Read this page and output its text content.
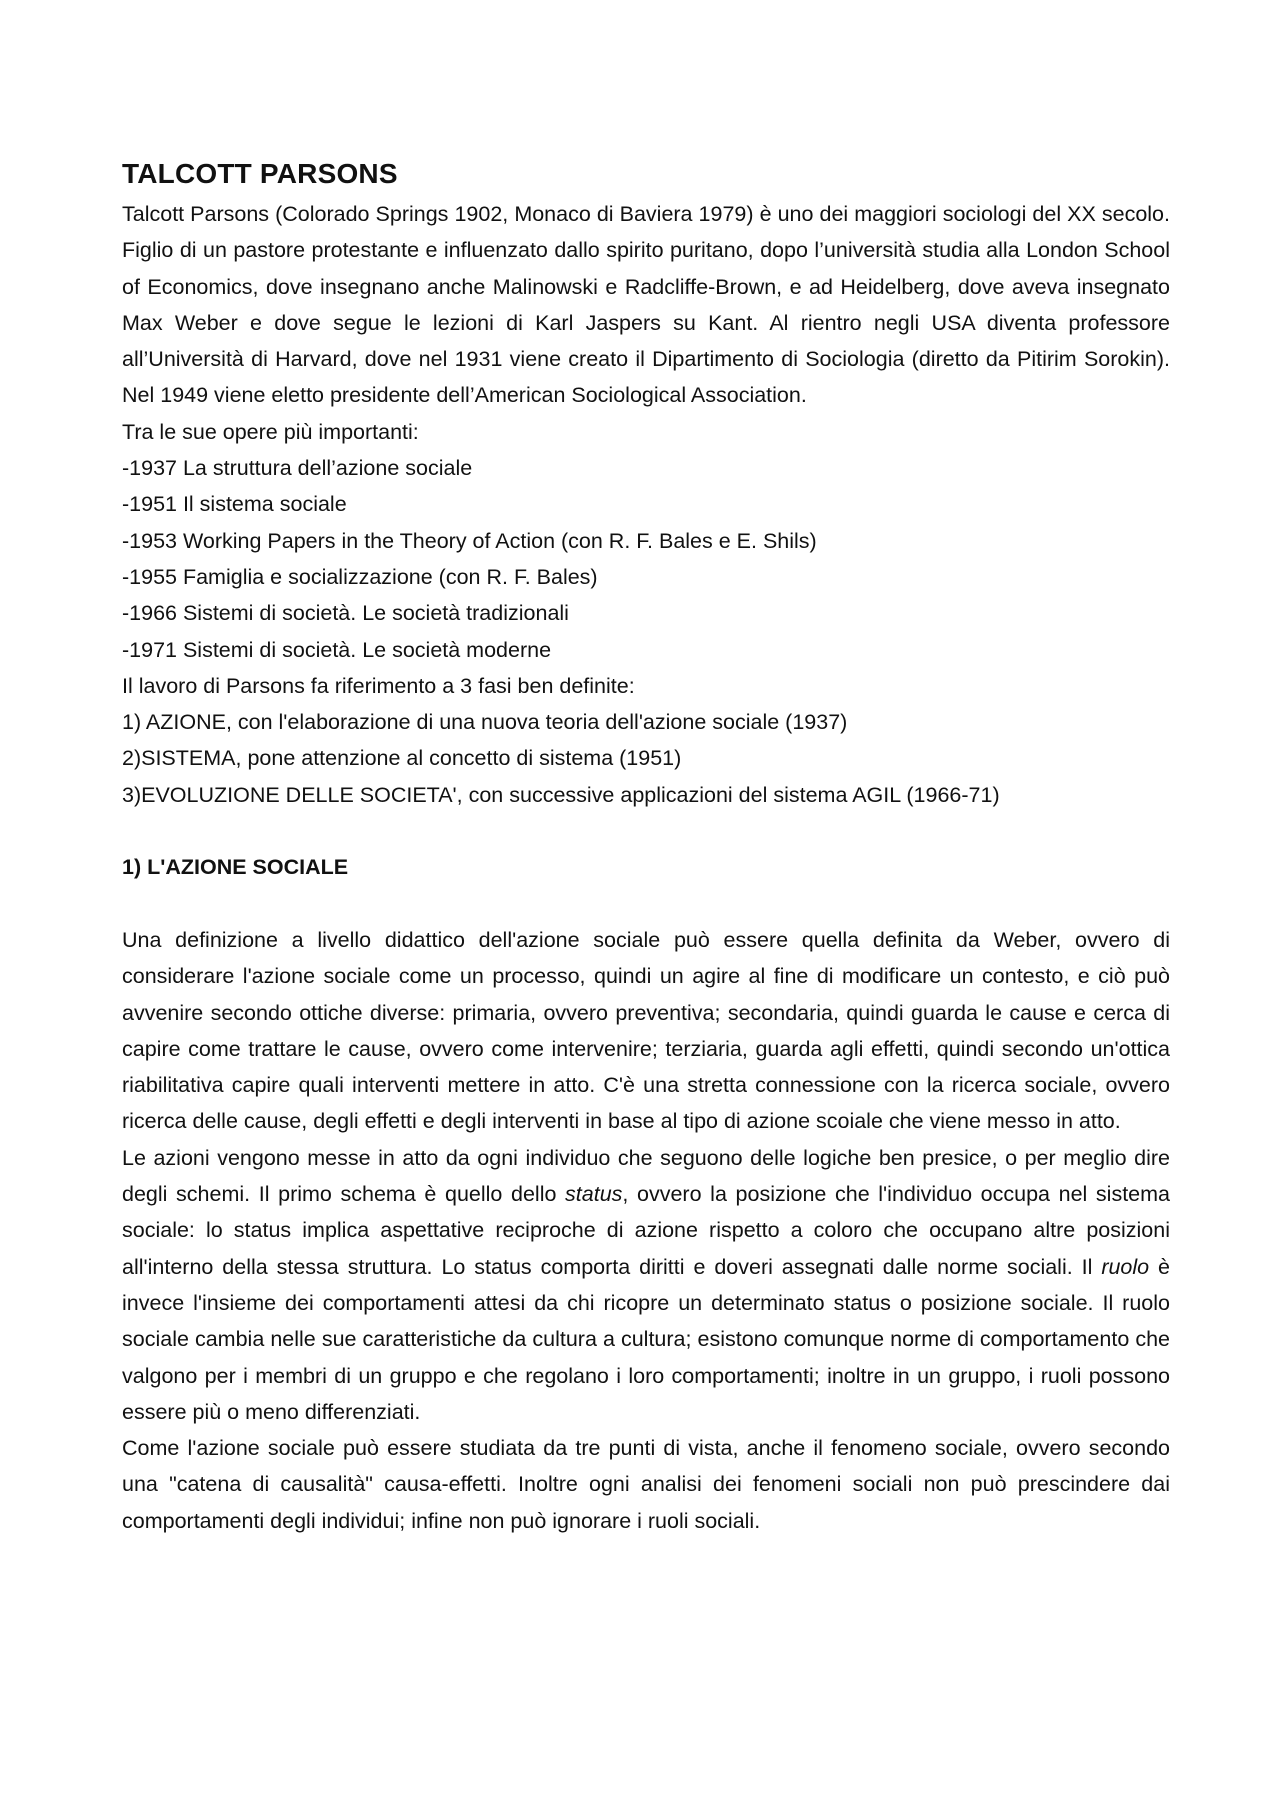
TALCOTT PARSONS

Talcott Parsons (Colorado Springs 1902, Monaco di Baviera 1979) è uno dei maggiori sociologi del XX secolo. Figlio di un pastore protestante e influenzato dallo spirito puritano, dopo l’università studia alla London School of Economics, dove insegnano anche Malinowski e Radcliffe-Brown, e ad Heidelberg, dove aveva insegnato Max Weber e dove segue le lezioni di Karl Jaspers su Kant. Al rientro negli USA diventa professore all’Università di Harvard, dove nel 1931 viene creato il Dipartimento di Sociologia (diretto da Pitirim Sorokin). Nel 1949 viene eletto presidente dell’American Sociological Association.

Tra le sue opere più importanti:

-1937 La struttura dell’azione sociale

-1951 Il sistema sociale

-1953 Working Papers in the Theory of Action (con R. F. Bales e E. Shils)

-1955 Famiglia e socializzazione (con R. F. Bales)

-1966 Sistemi di società. Le società tradizionali

-1971 Sistemi di società. Le società moderne

Il lavoro di Parsons fa riferimento a 3 fasi ben definite:

1) AZIONE, con l'elaborazione di una nuova teoria dell'azione sociale (1937)

2)SISTEMA, pone attenzione al concetto di sistema (1951)

3)EVOLUZIONE DELLE SOCIETA', con successive applicazioni del sistema AGIL (1966-71)

1) L'AZIONE SOCIALE

Una definizione a livello didattico dell'azione sociale può essere quella definita da Weber, ovvero di considerare l'azione sociale come un processo, quindi un agire al fine di modificare un contesto, e ciò può avvenire secondo ottiche diverse: primaria, ovvero preventiva; secondaria, quindi guarda le cause e cerca di capire come trattare le cause, ovvero come intervenire; terziaria, guarda agli effetti, quindi secondo un'ottica riabilitativa capire quali interventi mettere in atto. C'è una stretta connessione con la ricerca sociale, ovvero ricerca delle cause, degli effetti e degli interventi in base al tipo di azione scoiale che viene messo in atto.

Le azioni vengono messe in atto da ogni individuo che seguono delle logiche ben presice, o per meglio dire degli schemi. Il primo schema è quello dello status, ovvero la posizione che l'individuo occupa nel sistema sociale: lo status implica aspettative reciproche di azione rispetto a coloro che occupano altre posizioni all'interno della stessa struttura. Lo status comporta diritti e doveri assegnati dalle norme sociali. Il ruolo è invece l'insieme dei comportamenti attesi da chi ricopre un determinato status o posizione sociale. Il ruolo sociale cambia nelle sue caratteristiche da cultura a cultura; esistono comunque norme di comportamento che valgono per i membri di un gruppo e che regolano i loro comportamenti; inoltre in un gruppo, i ruoli possono essere più o meno differenziati.

Come l'azione sociale può essere studiata da tre punti di vista, anche il fenomeno sociale, ovvero secondo una "catena di causalità" causa-effetti. Inoltre ogni analisi dei fenomeni sociali non può prescindere dai comportamenti degli individui; infine non può ignorare i ruoli sociali.
